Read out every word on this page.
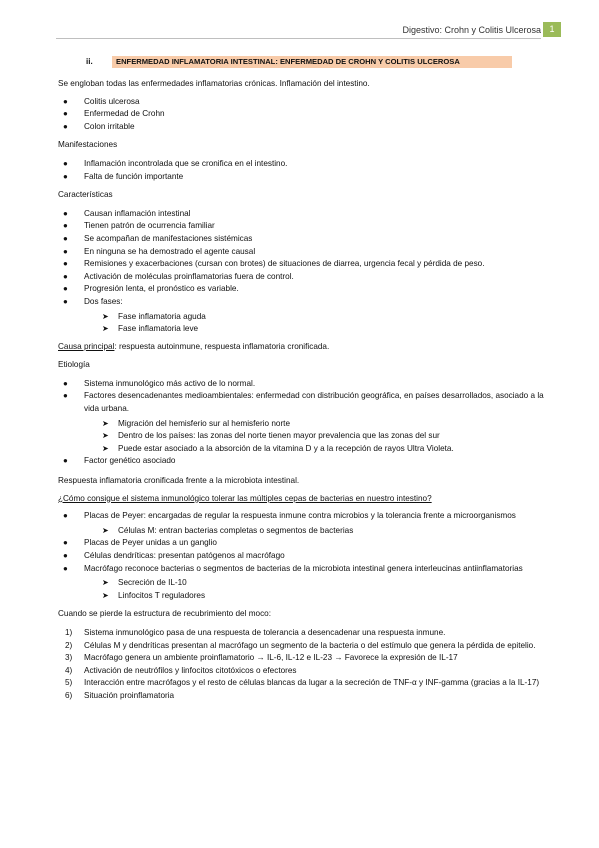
Digestivo: Crohn y Colitis Ulcerosa 1
ii.	ENFERMEDAD INFLAMATORIA INTESTINAL: ENFERMEDAD DE CROHN Y COLITIS ULCEROSA

Se engloban todas las enfermedades inflamatorias crónicas. Inflamación del intestino.

● Colitis ulcerosa
● Enfermedad de Crohn
● Colon irritable

Manifestaciones

● Inflamación incontrolada que se cronifica en el intestino.
● Falta de función importante

Características

● Causan inflamación intestinal
● Tienen patrón de ocurrencia familiar
● Se acompañan de manifestaciones sistémicas
● En ninguna se ha demostrado el agente causal
● Remisiones y exacerbaciones (cursan con brotes) de situaciones de diarrea, urgencia fecal y pérdida de peso.
● Activación de moléculas proinflamatorias fuera de control.
● Progresión lenta, el pronóstico es variable.
● Dos fases:
➤ Fase inflamatoria aguda
➤ Fase inflamatoria leve

Causa principal: respuesta autoinmune, respuesta inflamatoria cronificada.

Etiología

● Sistema inmunológico más activo de lo normal.
● Factores desencadenantes medioambientales: enfermedad con distribución geográfica, en países desarrollados, asociado a la vida urbana.
➤ Migración del hemisferio sur al hemisferio norte
➤ Dentro de los países: las zonas del norte tienen mayor prevalencia que las zonas del sur
➤ Puede estar asociado a la absorción de la vitamina D y a la recepción de rayos Ultra Violeta.
● Factor genético asociado

Respuesta inflamatoria cronificada frente a la microbiota intestinal.

¿Cómo consigue el sistema inmunológico tolerar las múltiples cepas de bacterias en nuestro intestino?

● Placas de Peyer: encargadas de regular la respuesta inmune contra microbios y la tolerancia frente a microorganismos
➤ Células M: entran bacterias completas o segmentos de bacterias
● Placas de Peyer unidas a un ganglio
● Células dendríticas: presentan patógenos al macrófago
● Macrófago reconoce bacterias o segmentos de bacterias de la microbiota intestinal genera interleucinas antiinflamatorias
➤ Secreción de IL-10
➤ Linfocitos T reguladores

Cuando se pierde la estructura de recubrimiento del moco:

1) Sistema inmunológico pasa de una respuesta de tolerancia a desencadenar una respuesta inmune.
2) Células M y dendríticas presentan al macrófago un segmento de la bacteria o del estímulo que genera la pérdida de epitelio.
3) Macrófago genera un ambiente proinflamatorio → IL-6, IL-12 e IL-23 → Favorece la expresión de IL-17
4) Activación de neutrófilos y linfocitos citotóxicos o efectores
5) Interacción entre macrófagos y el resto de células blancas da lugar a la secreción de TNF-α y INF-gamma (gracias a la IL-17)
6) Situación proinflamatoria
